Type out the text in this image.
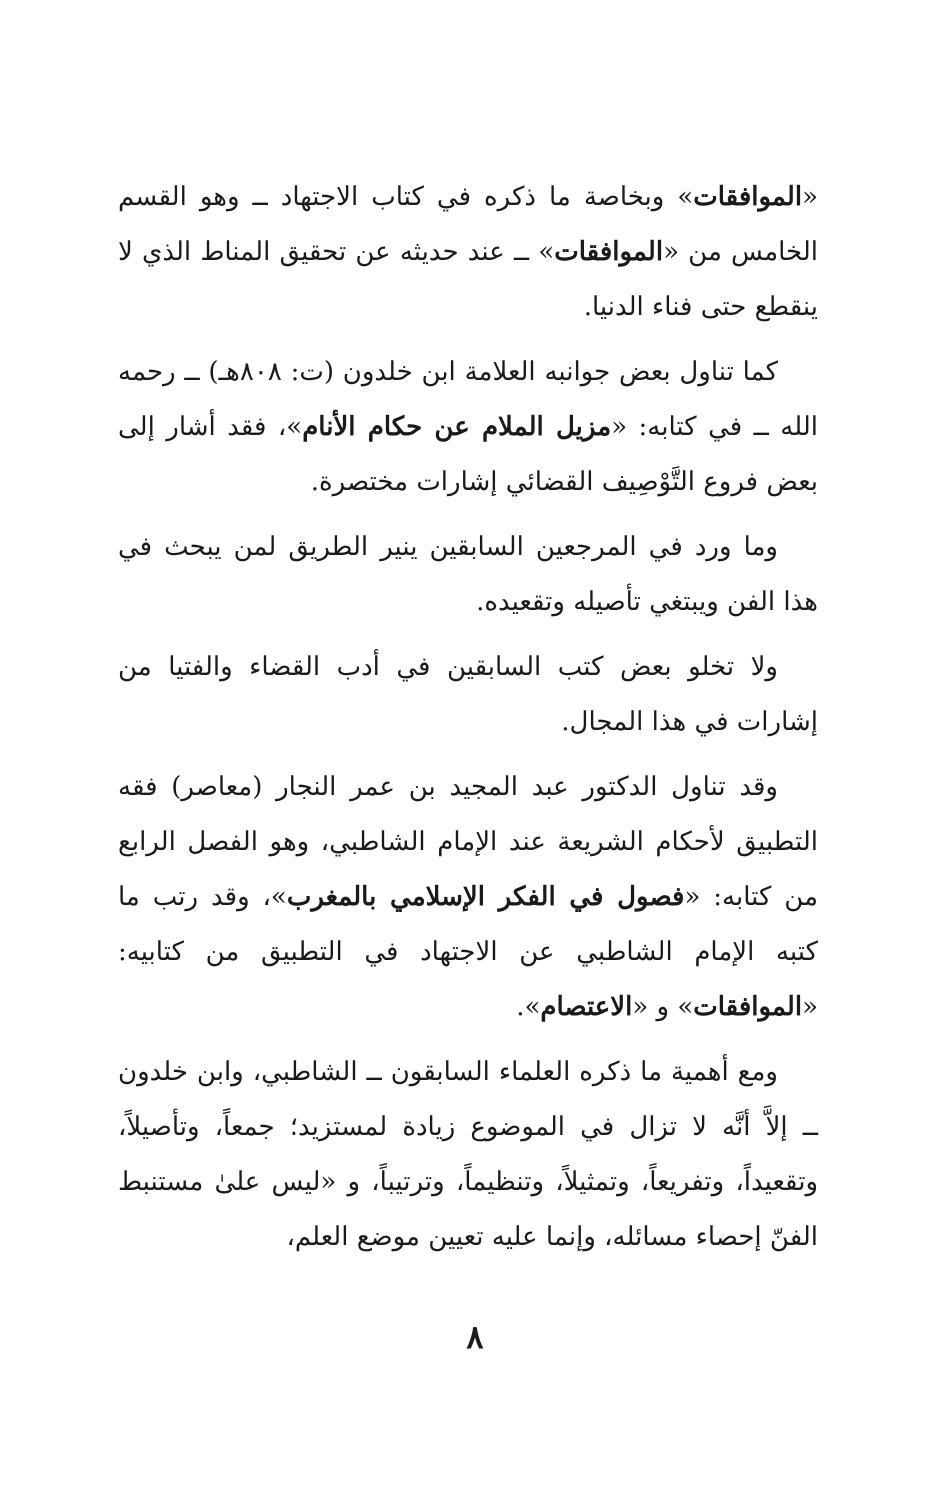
«الموافقات» وبخاصة ما ذكره في كتاب الاجتهاد ــ وهو القسم الخامس من «الموافقات» ــ عند حديثه عن تحقيق المناط الذي لا ينقطع حتى فناء الدنيا.

كما تناول بعض جوانبه العلامة ابن خلدون (ت: ٨٠٨هـ) ــ رحمه الله ــ في كتابه: «مزيل الملام عن حكام الأنام»، فقد أشار إلى بعض فروع التَّوْصِيف القضائي إشارات مختصرة.

وما ورد في المرجعين السابقين ينير الطريق لمن يبحث في هذا الفن ويبتغي تأصيله وتقعيده.

ولا تخلو بعض كتب السابقين في أدب القضاء والفتيا من إشارات في هذا المجال.

وقد تناول الدكتور عبد المجيد بن عمر النجار (معاصر) فقه التطبيق لأحكام الشريعة عند الإمام الشاطبي، وهو الفصل الرابع من كتابه: «فصول في الفكر الإسلامي بالمغرب»، وقد رتب ما كتبه الإمام الشاطبي عن الاجتهاد في التطبيق من كتابيه: «الموافقات» و «الاعتصام».

ومع أهمية ما ذكره العلماء السابقون ــ الشاطبي، وابن خلدون ــ إلاَّ أنَّه لا تزال في الموضوع زيادة لمستزيد؛ جمعاً، وتأصيلاً، وتقعيداً، وتفريعاً، وتمثيلاً، وتنظيماً، وترتيباً، و «ليس علىٰ مستنبط الفنّ إحصاء مسائله، وإنما عليه تعيين موضع العلم،

٨
